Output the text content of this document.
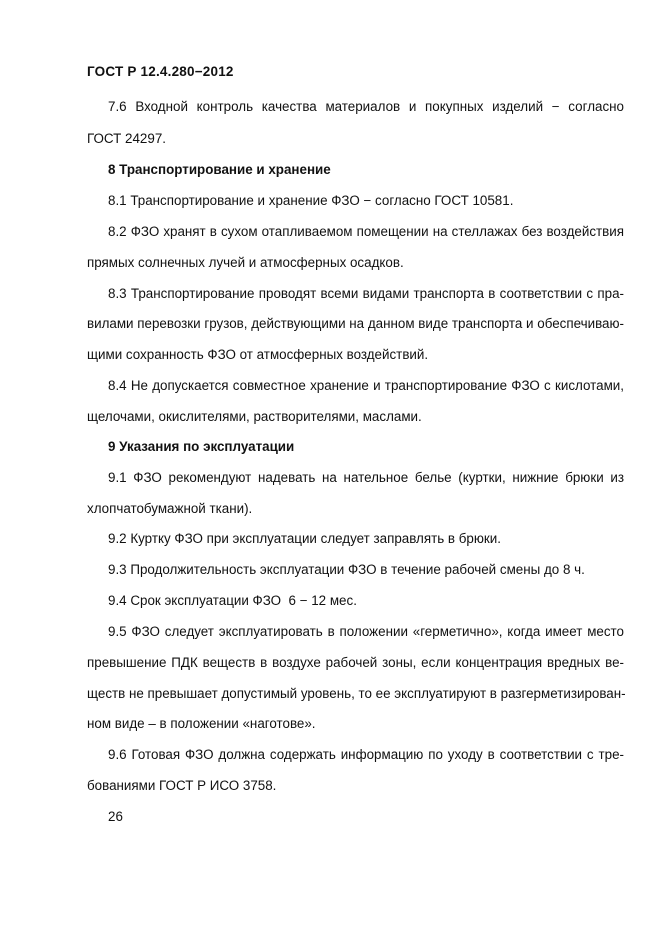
ГОСТ Р 12.4.280−2012
7.6 Входной контроль качества материалов и покупных изделий − согласно
ГОСТ 24297.
8 Транспортирование и хранение
8.1 Транспортирование и хранение ФЗО − согласно ГОСТ 10581.
8.2 ФЗО хранят в сухом отапливаемом помещении на стеллажах без воздействия
прямых солнечных лучей и атмосферных осадков.
8.3 Транспортирование проводят всеми видами транспорта в соответствии с пра-
вилами перевозки грузов, действующими на данном виде транспорта и обеспечиваю-
щими сохранность ФЗО от атмосферных воздействий.
8.4 Не допускается совместное хранение и транспортирование ФЗО с кислотами,
щелочами, окислителями, растворителями, маслами.
9 Указания по эксплуатации
9.1 ФЗО рекомендуют надевать на нательное белье (куртки, нижние брюки из
хлопчатобумажной ткани).
9.2 Куртку ФЗО при эксплуатации следует заправлять в брюки.
9.3 Продолжительность эксплуатации ФЗО в течение рабочей смены до 8 ч.
9.4 Срок эксплуатации ФЗО  6 − 12 мес.
9.5 ФЗО следует эксплуатировать в положении «герметично», когда имеет место
превышение ПДК веществ в воздухе рабочей зоны, если концентрация вредных ве-
ществ не превышает допустимый уровень, то ее эксплуатируют в разгерметизирован-
ном виде – в положении «наготове».
9.6 Готовая ФЗО должна содержать информацию по уходу в соответствии с тре-
бованиями ГОСТ Р ИСО 3758.
26
